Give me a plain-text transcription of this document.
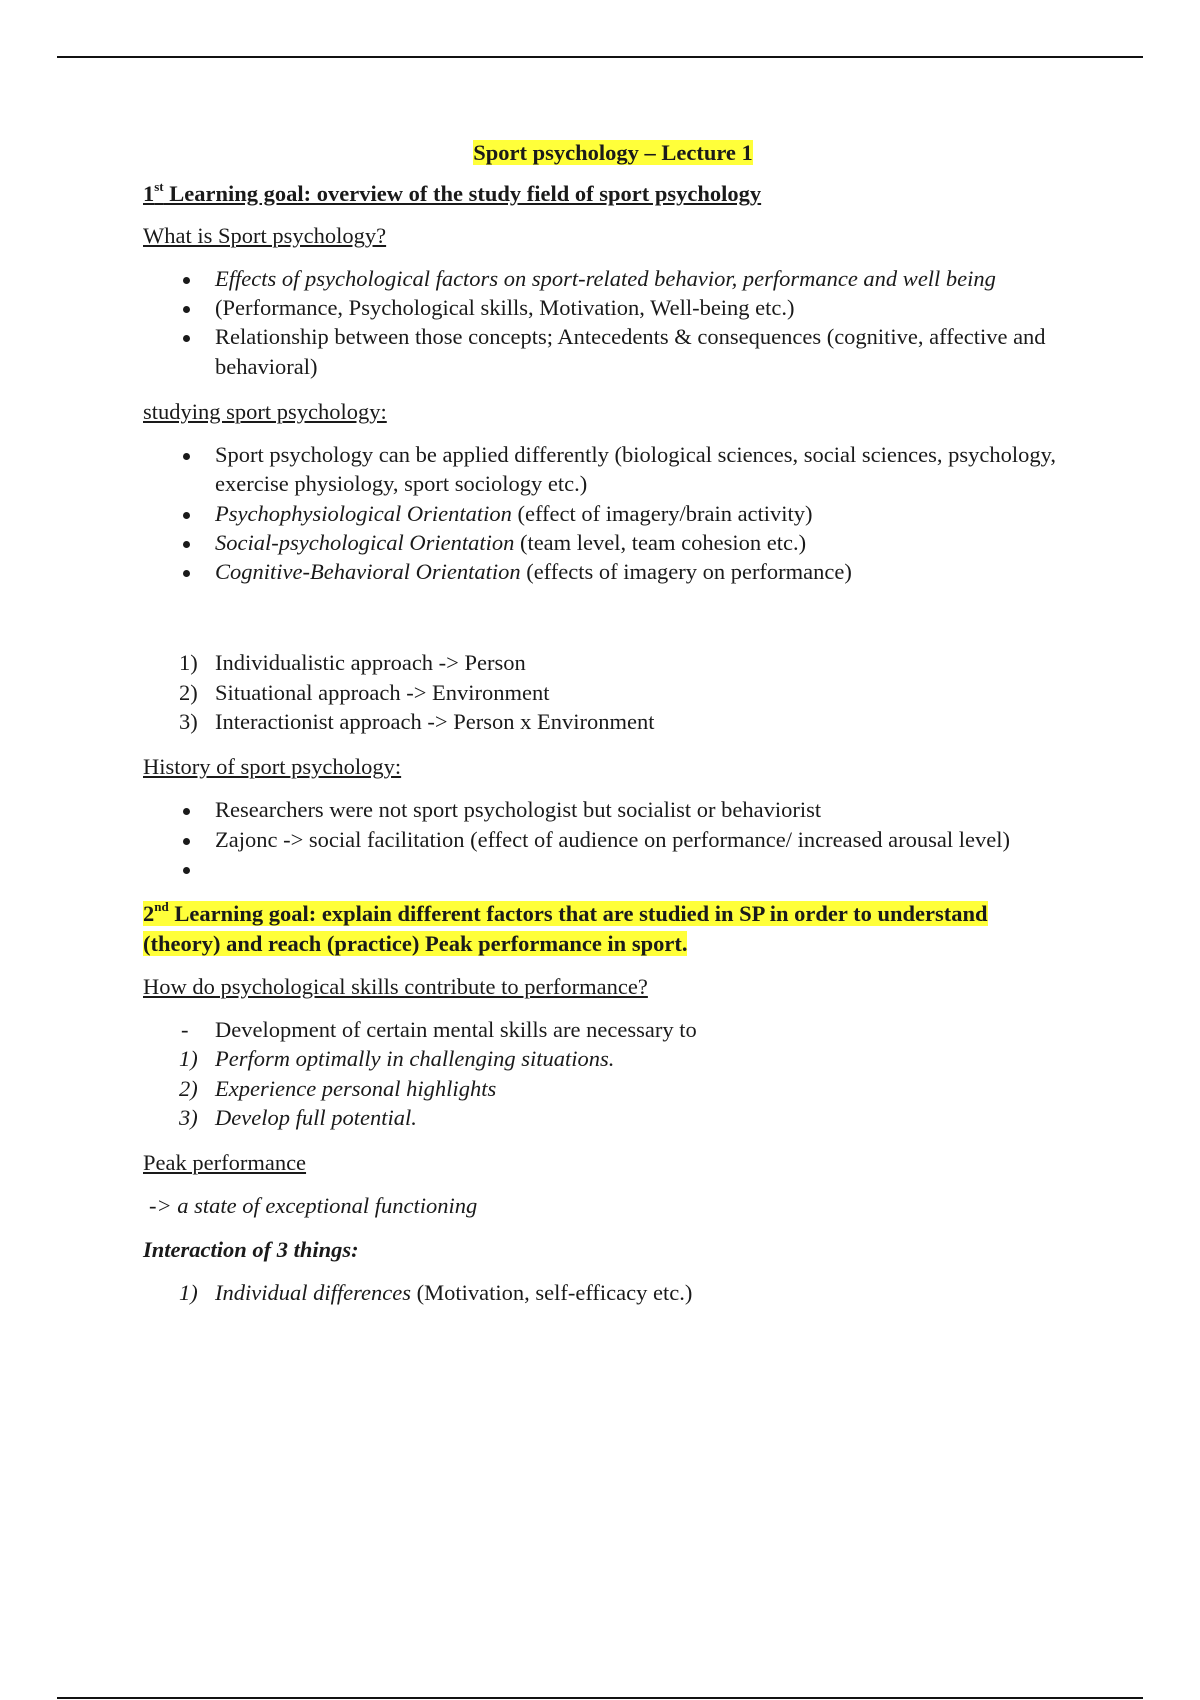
Sport psychology – Lecture 1
1st Learning goal: overview of the study field of sport psychology
What is Sport psychology?
Effects of psychological factors on sport-related behavior, performance and well being
(Performance, Psychological skills, Motivation, Well-being etc.)
Relationship between those concepts; Antecedents & consequences (cognitive, affective and behavioral)
studying sport psychology:
Sport psychology can be applied differently (biological sciences, social sciences, psychology, exercise physiology, sport sociology etc.)
Psychophysiological Orientation (effect of imagery/brain activity)
Social-psychological Orientation (team level, team cohesion etc.)
Cognitive-Behavioral Orientation (effects of imagery on performance)
1) Individualistic approach -> Person
2) Situational approach -> Environment
3) Interactionist approach -> Person x Environment
History of sport psychology:
Researchers were not sport psychologist but socialist or behaviorist
Zajonc -> social facilitation (effect of audience on performance/ increased arousal level)

2nd Learning goal: explain different factors that are studied in SP in order to understand
(theory) and reach (practice) Peak performance in sport.
How do psychological skills contribute to performance?
- Development of certain mental skills are necessary to
1) Perform optimally in challenging situations.
2) Experience personal highlights
3) Develop full potential.
Peak performance
-> a state of exceptional functioning
Interaction of 3 things:
1) Individual differences (Motivation, self-efficacy etc.)
